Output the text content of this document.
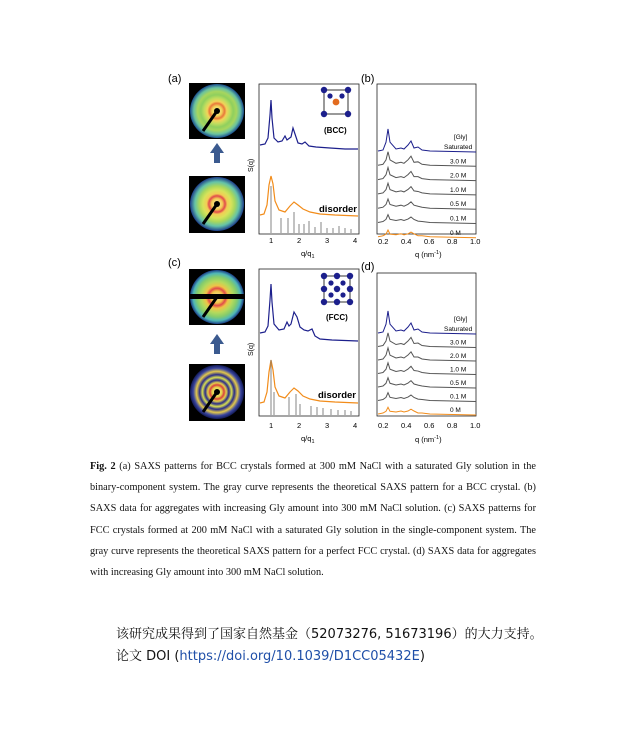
(a)	(b)
(c)	(d)
(BCC)
disorder
S(q)
1	2	3	4
$q/q_1$
[Gly]
Saturated
3.0 M
2.0 M
1.0 M
0.5 M
0.1 M
0 M
0.2 0.4 0.6 0.8 1.0
q $(nm^{-1})$
(FCC)
disorder
S(q)
1	2	3	4
$q/q_1$
[Gly]
Saturated
3.0 M
2.0 M
1.0 M
0.5 M
0.1 M
0 M
0.2 0.4 0.6 0.8 1.0
q $(nm^{-1})$

Fig. 2 (a) SAXS patterns for BCC crystals formed at 300 mM NaCl with a saturated Gly solution in the binary-component system. The gray curve represents the theoretical SAXS pattern for a BCC crystal. (b) SAXS data for aggregates with increasing Gly amount into 300 mM NaCl solution. (c) SAXS patterns for FCC crystals formed at 200 mM NaCl with a saturated Gly solution in the single-component system. The gray curve represents the theoretical SAXS pattern for a perfect FCC crystal. (d) SAXS data for aggregates with increasing Gly amount into 300 mM NaCl solution.

该研究成果得到了国家自然基金（52073276, 51673196）的大力支持。

论文 DOI (https://doi.org/10.1039/D1CC05432E)
